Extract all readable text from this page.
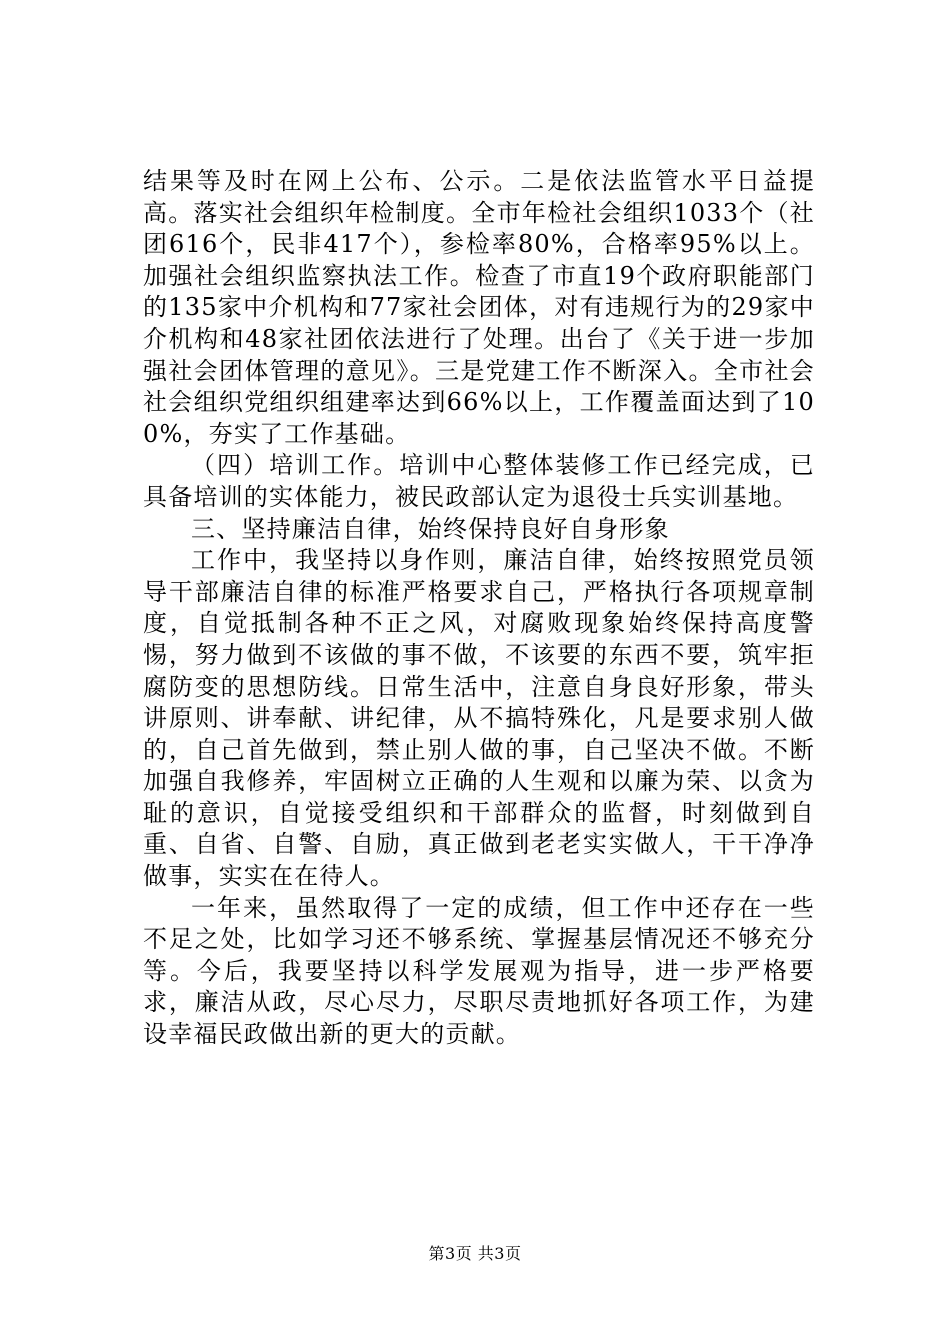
结果等及时在网上公布、公示。二是依法监管水平日益提高。落实社会组织年检制度。全市年检社会组织1033个（社团616个，民非417个），参检率80%，合格率95%以上。加强社会组织监察执法工作。检查了市直19个政府职能部门的135家中介机构和77家社会团体，对有违规行为的29家中介机构和48家社团依法进行了处理。出台了《关于进一步加强社会团体管理的意见》。三是党建工作不断深入。全市社会社会组织党组织组建率达到66%以上，工作覆盖面达到了100%，夯实了工作基础。

（四）培训工作。培训中心整体装修工作已经完成，已具备培训的实体能力，被民政部认定为退役士兵实训基地。

三、坚持廉洁自律，始终保持良好自身形象

工作中，我坚持以身作则，廉洁自律，始终按照党员领导干部廉洁自律的标准严格要求自己，严格执行各项规章制度，自觉抵制各种不正之风，对腐败现象始终保持高度警惕，努力做到不该做的事不做，不该要的东西不要，筑牢拒腐防变的思想防线。日常生活中，注意自身良好形象，带头讲原则、讲奉献、讲纪律，从不搞特殊化，凡是要求别人做的，自己首先做到，禁止别人做的事，自己坚决不做。不断加强自我修养，牢固树立正确的人生观和以廉为荣、以贪为耻的意识，自觉接受组织和干部群众的监督，时刻做到自重、自省、自警、自励，真正做到老老实实做人，干干净净做事，实实在在待人。

一年来，虽然取得了一定的成绩，但工作中还存在一些不足之处，比如学习还不够系统、掌握基层情况还不够充分等。今后，我要坚持以科学发展观为指导，进一步严格要求，廉洁从政，尽心尽力，尽职尽责地抓好各项工作，为建设幸福民政做出新的更大的贡献。

第3页 共3页
